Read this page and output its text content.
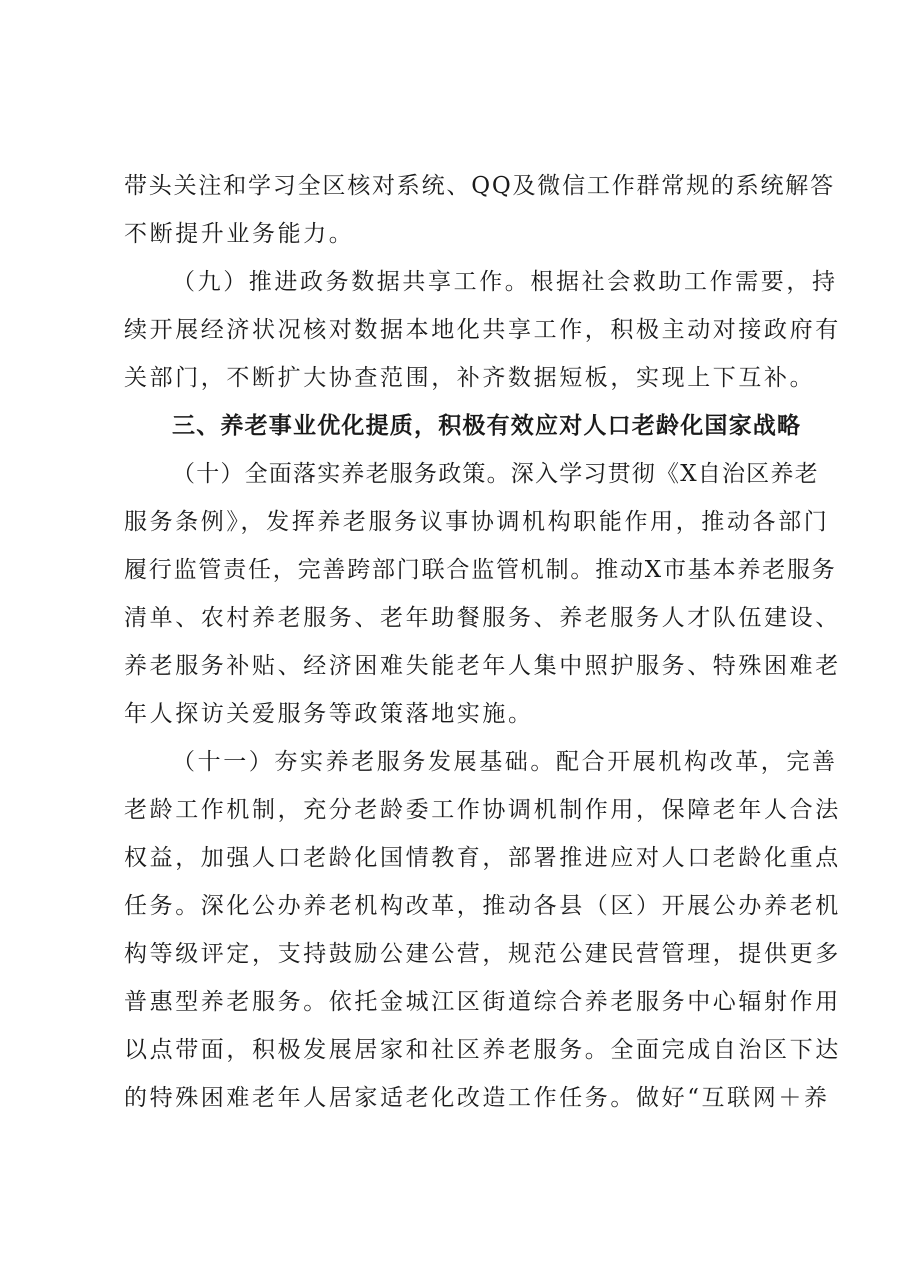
带头关注和学习全区核对系统、QQ及微信工作群常规的系统解答
不断提升业务能力。
（九）推进政务数据共享工作。根据社会救助工作需要，持
续开展经济状况核对数据本地化共享工作，积极主动对接政府有
关部门，不断扩大协查范围，补齐数据短板，实现上下互补。
三、养老事业优化提质，积极有效应对人口老龄化国家战略
（十）全面落实养老服务政策。深入学习贯彻《X自治区养老
服务条例》，发挥养老服务议事协调机构职能作用，推动各部门
履行监管责任，完善跨部门联合监管机制。推动X市基本养老服务
清单、农村养老服务、老年助餐服务、养老服务人才队伍建设、
养老服务补贴、经济困难失能老年人集中照护服务、特殊困难老
年人探访关爱服务等政策落地实施。
（十一）夯实养老服务发展基础。配合开展机构改革，完善
老龄工作机制，充分老龄委工作协调机制作用，保障老年人合法
权益，加强人口老龄化国情教育，部署推进应对人口老龄化重点
任务。深化公办养老机构改革，推动各县（区）开展公办养老机
构等级评定，支持鼓励公建公营，规范公建民营管理，提供更多
普惠型养老服务。依托金城江区街道综合养老服务中心辐射作用
以点带面，积极发展居家和社区养老服务。全面完成自治区下达
的特殊困难老年人居家适老化改造工作任务。做好“互联网＋养
